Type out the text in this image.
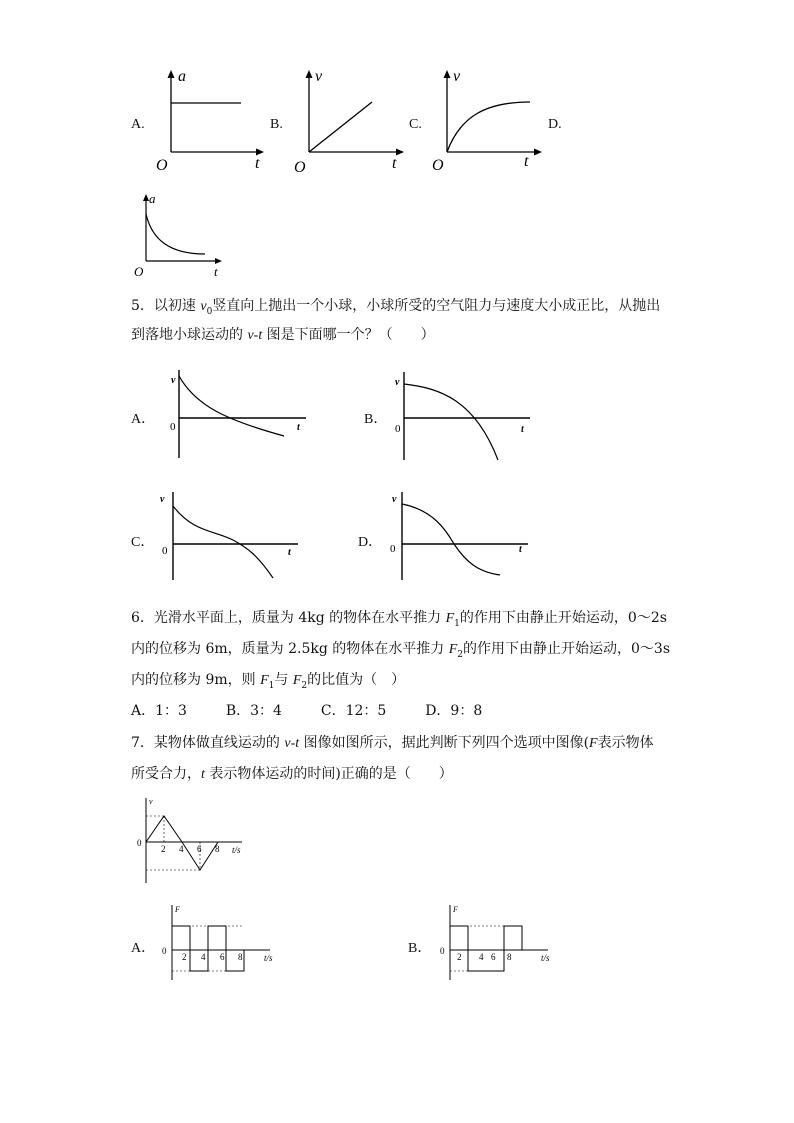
A.
a
t
O
B.
v
t
O
C.
v
t
O
D.
a
t
O
5．以初速 $v_0$竖直向上抛出一个小球，小球所受的空气阻力与速度大小成正比，从抛出
到落地小球运动的 v-t 图是下面哪一个？（　　）
A．
v
t
0	B．
v
t
0
C．
v
t
0
D．
v
t
0
6．光滑水平面上，质量为 4kg 的物体在水平推力 $F_1$的作用下由静止开始运动，0～2s
内的位移为 6m，质量为 2.5kg 的物体在水平推力 $F_2$的作用下由静止开始运动，0～3s
内的位移为 9m，则 $F_1$与 $F_2$的比值为（　）
A．1：3	B．3：4	C．12：5	D．9：8
7．某物体做直线运动的 v-t 图像如图所示，据此判断下列四个选项中图像(F表示物体
所受合力，t 表示物体运动的时间)正确的是（　　）
v
0
2 4 6 8 t/s
A．
F
0
2 4 6 8 t/s
B．
F
0
2 4 6 8	t/s
